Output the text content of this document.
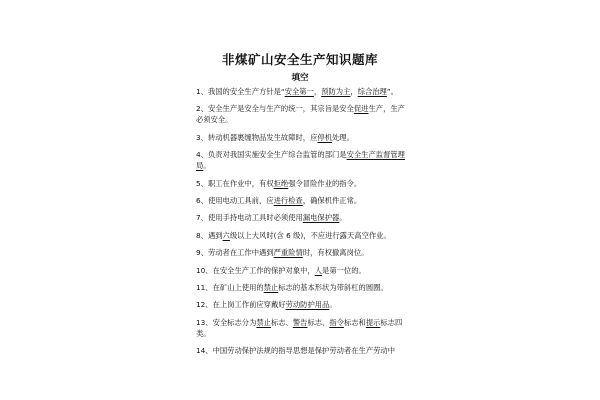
非煤矿山安全生产知识题库
填空
1、我国的安全生产方针是“安全第一，预防为主，综合治理”。
2、安全生产是安全与生产的统一，其宗旨是安全促进生产，生产必须安全。
3、转动机器裹缠物品发生故障时，应停机处理。
4、负责对我国实施安全生产综合监管的部门是安全生产监督管理局。
5、职工在作业中，有权拒绝强令冒险作业的指令。
6、使用电动工具前，应进行检查，确保机件正常。
7、使用手持电动工具时必须使用漏电保护器。
8、遇到六级以上大风时(含 6 级)，不应进行露天高空作业。
9、劳动者在工作中遇到严重险情时，有权撤离岗位。
10、在安全生产工作的保护对象中，人是第一位的。
11、在矿山上使用的禁止标志的基本形状为带斜杠的圆圈。
12、在上岗工作前应穿戴好劳动防护用品。
13、安全标志分为禁止标志、警告标志、指令标志和提示标志四类。
14、中国劳动保护法规的指导思想是保护劳动者在生产劳动中
